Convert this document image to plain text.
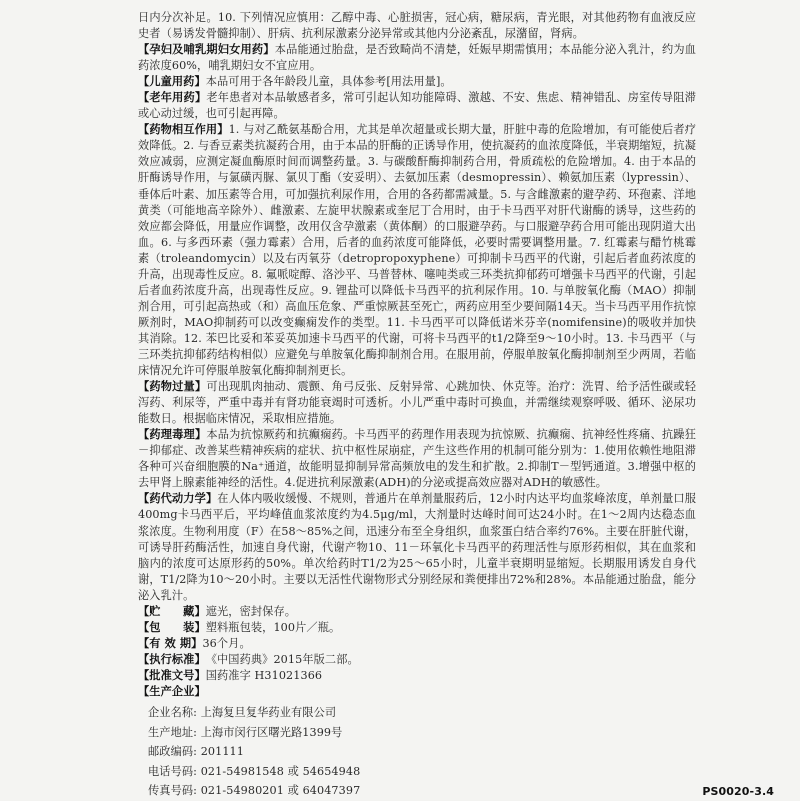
日内分次补足。10. 下列情况应慎用：乙醇中毒、心脏损害，冠心病，糖尿病，青光眼，对其他药物有血液反应史者（易诱发骨髓抑制）、肝病、抗利尿激素分泌异常或其他内分泌紊乱，尿潴留，肾病。

【孕妇及哺乳期妇女用药】本品能通过胎盘，是否致畸尚不清楚，妊娠早期需慎用；本品能分泌入乳汁，约为血药浓度60%，哺乳期妇女不宜应用。

【儿童用药】本品可用于各年龄段儿童，具体参考[用法用量]。

【老年用药】老年患者对本品敏感者多，常可引起认知功能障碍、激越、不安、焦虑、精神错乱、房室传导阻滞或心动过缓，也可引起再障。

【药物相互作用】1. 与对乙酰氨基酚合用，尤其是单次超量或长期大量，肝脏中毒的危险增加，有可能使后者疗效降低。2. 与香豆素类抗凝药合用，由于本品的肝酶的正诱导作用，使抗凝药的血浓度降低，半衰期缩短，抗凝效应减弱，应测定凝血酶原时间而调整药量。3. 与碳酸酐酶抑制药合用，骨质疏松的危险增加。4. 由于本品的肝酶诱导作用，与氯磺丙脲、氯贝丁酯（安妥明）、去氨加压素（desmopressin）、赖氨加压素（lypressin）、垂体后叶素、加压素等合用，可加强抗利尿作用，合用的各药都需减量。5. 与含雌激素的避孕药、环孢素、洋地黄类（可能地高辛除外）、雌激素、左旋甲状腺素或奎尼丁合用时，由于卡马西平对肝代谢酶的诱导，这些药的效应都会降低，用量应作调整，改用仅含孕激素（黄体酮）的口服避孕药。与口服避孕药合用可能出现阴道大出血。6. 与多西环素（强力霉素）合用，后者的血药浓度可能降低，必要时需要调整用量。7. 红霉素与醋竹桃霉素（troleandomycin）以及右丙氧芬（detropropoxyphene）可抑制卡马西平的代谢，引起后者血药浓度的升高，出现毒性反应。8. 氟哌啶醇、洛沙平、马普替林、噻吨类或三环类抗抑郁药可增强卡马西平的代谢，引起后者血药浓度升高，出现毒性反应。9. 锂盐可以降低卡马西平的抗利尿作用。10. 与单胺氧化酶（MAO）抑制剂合用，可引起高热或（和）高血压危象、严重惊厥甚至死亡，两药应用至少要间隔14天。当卡马西平用作抗惊厥剂时，MAO抑制药可以改变癫痫发作的类型。11. 卡马西平可以降低诺米芬辛(nomifensine)的吸收并加快其消除。12. 苯巴比妥和苯妥英加速卡马西平的代谢，可将卡马西平的t1/2降至9～10小时。13. 卡马西平（与三环类抗抑郁药结构相似）应避免与单胺氧化酶抑制剂合用。在服用前，停服单胺氧化酶抑制剂至少两周，若临床情况允许可停服单胺氧化酶抑制剂更长。

【药物过量】可出现肌肉抽动、震颤、角弓反张、反射异常、心跳加快、休克等。治疗：洗胃、给予活性碳或轻泻药、利尿等，严重中毒并有肾功能衰竭时可透析。小儿严重中毒时可换血，并需继续观察呼吸、循环、泌尿功能数日。根据临床情况，采取相应措施。

【药理毒理】本品为抗惊厥药和抗癫痫药。卡马西平的药理作用表现为抗惊厥、抗癫痫、抗神经性疼痛、抗躁狂－抑郁症、改善某些精神疾病的症状、抗中枢性尿崩症，产生这些作用的机制可能分别为：1.使用依赖性地阻滞各种可兴奋细胞膜的Na⁺通道，故能明显抑制异常高频放电的发生和扩散。2.抑制T－型钙通道。3.增强中枢的去甲肾上腺素能神经的活性。4.促进抗利尿激素(ADH)的分泌或提高效应器对ADH的敏感性。

【药代动力学】在人体内吸收缓慢、不规则，普通片在单剂量服药后，12小时内达平均血浆峰浓度，单剂量口服400mg卡马西平后，平均峰值血浆浓度约为4.5μg/ml，大剂量时达峰时间可达24小时。在1～2周内达稳态血浆浓度。生物利用度（F）在58～85%之间，迅速分布至全身组织，血浆蛋白结合率约76%。主要在肝脏代谢，可诱导肝药酶活性，加速自身代谢，代谢产物10、11－环氧化卡马西平的药理活性与原形药相似，其在血浆和脑内的浓度可达原形药的50%。单次给药时T1/2为25～65小时，儿童半衰期明显缩短。长期服用诱发自身代谢，T1/2降为10～20小时。主要以无活性代谢物形式分别经尿和粪便排出72%和28%。本品能通过胎盘，能分泌入乳汁。

【贮　　藏】遮光，密封保存。

【包　　装】塑料瓶包装，100片／瓶。

【有 效 期】36个月。

【执行标准】《中国药典》2015年版二部。

【批准文号】国药准字 H31021366

【生产企业】

企业名称: 上海复旦复华药业有限公司
生产地址: 上海市闵行区曙光路1399号
邮政编码: 201111
电话号码: 021-54981548 或 54654948
传真号码: 021-54980201 或 64047397	PS0020-3.4
